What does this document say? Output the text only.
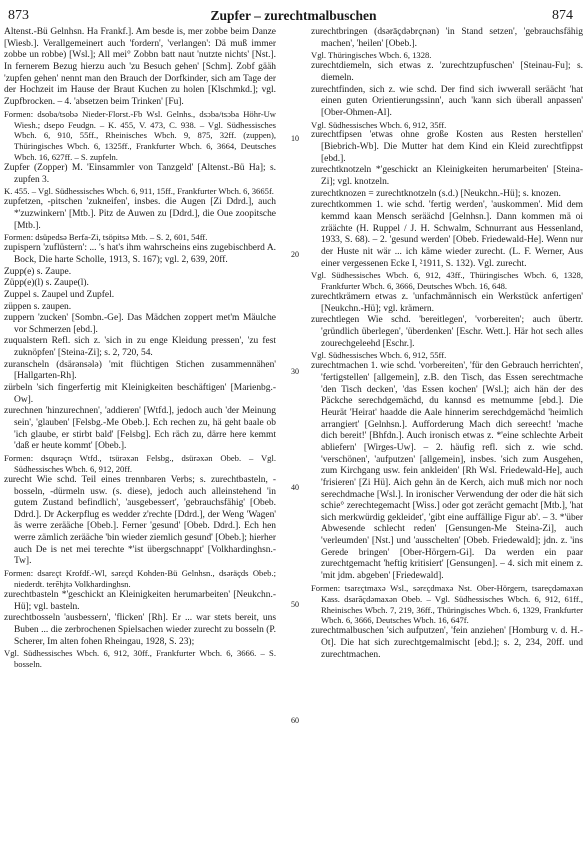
873	Zupfer – zurechtmalbuschen	874

Altenst.-Bü Gelnhsn. Ha Frankf.]. Am besde is, mer zobbe beim Danze [Wiesb.]. Verallgemeinert auch 'fordern', 'verlangen': Dä muß immer zobbe un robbe) [Wsl.]; All mei° Zobbn batt naut 'nutzte nichts' [Nst.]. In fernerem Bezug hierzu auch 'zu Besuch gehen' [Schm]. Zobf gääh 'zupfen gehen' nennt man den Brauch der Dorfkinder, sich am Tage der der Hochzeit im Hause der Braut Kuchen zu holen [Klschmkd.]; vgl. Zupfbrocken. – 4. 'absetzen beim Trinken' [Fu].

Formen: dsoba/tsobə Nieder-Florst.-Fb Wsl. Gelnhs., dsɔba/tsɔba Höhr-Uw Wiesh.; dsepo Feudgn. – K. 455, V. 473, C. 938. – Vgl. Südhessisches Wbch. 6, 910, 55ff., Rheinisches Wbch. 9, 875, 32ff. (zuppen), Thüringisches Wbch. 6, 1325ff., Frankfurter Wbch. 6, 3664, Deutsches Wbch. 16, 627ff. – S. zupfeln.

Zupfer (Zopper) M. 'Einsammler von Tanzgeld' [Altenst.-Bü Ha]; s. zupfen 3.

K. 455. – Vgl. Südhessisches Wbch. 6, 911, 15ff., Frankfurter Wbch. 6, 3665f.

zupfetzen, -pitschen 'zukneifen', insbes. die Augen [Zi Ddrd.], auch *'zuzwinkern' [Mtb.]. Pitz de Auwen zu [Ddrd.], die Oue zoopitsche [Mtb.].

Formen: dsüpedsə Berfa-Zi, tsöpitsə Mtb. – S. 2, 601, 54ff.

zupispern 'zuflüstern': ... 's hat's ihm wahrscheins eins zugebischberd A. Bock, Die harte Scholle, 1913, S. 167); vgl. 2, 639, 20ff.

Zupp(e) s. Zaupe.

Züpp(e)(l) s. Zaupe(l).

Zuppel s. Zaupel und Zupfel.

züppen s. zaupen.

zuppern 'zucken' [Sombn.-Ge]. Das Mädchen zoppert met'm Mäulche vor Schmerzen [ebd.].

zuqualstern Refl. sich z. 'sich in zu enge Kleidung pressen', 'zu fest zuknöpfen' [Steina-Zi]; s. 2, 720, 54.

zuranscheln (dsärənsələ) 'mit flüchtigen Stichen zusammennähen' [Hallgarten-Rh].

zürbeln 'sich fingerfertig mit Kleinigkeiten beschäftigen' [Marienbg.-Ow].

zurechnen 'hinzurechnen', 'addieren' [Wtfd.], jedoch auch 'der Meinung sein', 'glauben' [Felsbg.-Me Obeb.]. Ech rechen zu, hä geht baale ob 'ich glaube, er stirbt bald' [Felsbg]. Ech räch zu, därre here kemmt 'daß er heute kommt' [Obeb.].

Formen: dsqurəçn Wtfd., tsürəxən Felsbg., dsürəxən Obeb. – Vgl. Südhessisches Wbch. 6, 912, 20ff.

zurecht Wie schd. Teil eines trennbaren Verbs; s. zurechtbasteln, -bosseln, -dürmeln usw. (s. diese), jedoch auch alleinstehend 'in gutem Zustand befindlich', 'ausgebessert', 'gebrauchsfähig' [Obeb. Ddrd.]. Dr Ackerpflug es wedder z'rechte [Ddrd.], der Weng 'Wagen' äs werre zerääche [Obeb.]. Ferner 'gesund' [Obeb. Ddrd.]. Ech hen werre zämlich zerääche 'bin wieder ziemlich gesund' [Obeb.]; hierher auch De is net mei terechte *'ist übergschnappt' [Volkhardinghsn.-Tw].

Formen: dsarεçt Krofdf.-Wl, sərεçd Kohden-Bü Gelnhsn., dsəräçds Obeb.; niederdt. terēhjtə Volkhardinghsn.

zurechtbasteln *'geschickt an Kleinigkeiten herumarbeiten' [Neukchn.-Hü]; vgl. basteln.

zurechtbosseln 'ausbessern', 'flicken' [Rh]. Er ... war stets bereit, uns Buben ... die zerbrochenen Spielsachen wieder zurecht zu bosseln (P. Scherer, Im alten fohen Rheingau, 1928, S. 23);

Vgl. Südhessisches Wbch. 6, 912, 30ff., Frankfurter Wbch. 6, 3666. – S. bosseln.

10
20
30
40
50
60

zurechtbringen (dsərāçdəbrçnən) 'in Stand setzen', 'gebrauchsfähig machen', 'heilen' [Obeb.].

Vgl. Thüringisches Wbch. 6, 1328.

zurechtdiemeln, sich etwas z. 'zurechtzupfuschen' [Steinau-Fu]; s. diemeln.

zurechtfinden, sich z. wie schd. Der find sich iwwerall seräächt 'hat einen guten Orientierungssinn', auch 'kann sich überall anpassen' [Ober-Ohmen-Al].

Vgl. Südhessisches Wbch. 6, 912, 35ff.

zurechtfipsen 'etwas ohne große Kosten aus Resten herstellen' [Biebrich-Wb]. Die Mutter hat dem Kind ein Kleid zurechtfippst [ebd.].

zurechtknotzeln *'geschickt an Kleinigkeiten herumarbeiten' [Steina-Zi]; vgl. knotzeln.

zurechtknozen = zurechtknotzeln (s.d.) [Neukchn.-Hü]; s. knozen.

zurechtkommen 1. wie schd. 'fertig werden', 'auskommen'. Mid dem kemmd kaan Mensch seräächd [Gelnhsn.]. Dann kommen mä oi zräächte (H. Ruppel / J. H. Schwalm, Schnurrant aus Hessenland, 1933, S. 68). – 2. 'gesund werden' [Obeb. Friedewald-He]. Wenn nur der Huste nit wär ... ich käme wieder zurecht. (L. F. Werner, Aus einer vergessenen Ecke I, ²1911, S. 132). Vgl. zurecht.

Vgl. Südhessisches Wbch. 6, 912, 43ff., Thüringisches Wbch. 6, 1328, Frankfurter Wbch. 6, 3666, Deutsches Wbch. 16, 648.

zurechtkrämern etwas z. 'unfachmännisch ein Werkstück anfertigen' [Neukchn.-Hü]; vgl. krämern.

zurechtlegen Wie schd. 'bereitlegen', 'vorbereiten'; auch übertr. 'gründlich überlegen', 'überdenken' [Eschr. Wett.]. Här hot sech alles zourechgeleehd [Eschr.].

Vgl. Südhessisches Wbch. 6, 912, 55ff.

zurechtmachen 1. wie schd. 'vorbereiten', 'für den Gebrauch herrichten', 'fertigstellen' [allgemein], z.B. den Tisch, das Essen serechtmache 'den Tisch decken', 'das Essen kochen' [Wsl.]; aich hän der des Päckche serechdgemächd, du kannsd es metnumme [ebd.]. Die Heurät 'Heirat' haadde die Aale hinnerim serechdgemächd 'heimlich arrangiert' [Gelnhsn.]. Aufforderung Mach dich sereecht! 'mache dich bereit!' [Bhfdn.]. Auch ironisch etwas z. *'eine schlechte Arbeit abliefern' [Wirges-Uw]. – 2. häufig refl. sich z. wie schd. 'verschönen', 'aufputzen' [allgemein], insbes. 'sich zum Ausgehen, zum Kirchgang usw. fein ankleiden' [Rh Wsl. Friedewald-He], auch 'frisieren' [Zi Hü]. Aich gehn än de Kerch, aich muß mich nor noch serechdmache [Wsl.]. In ironischer Verwendung der oder die hät sich schie° zerechtegemacht [Wiss.] oder got zerächt gemacht [Mtb.], 'hat sich merkwürdig gekleidet', 'gibt eine auffällige Figur ab'. – 3. *'über Abwesende schlecht reden' [Gensungen-Me Steina-Zi], auch 'verleumden' [Nst.] und 'ausschelten' [Obeb. Friedewald]; jdn. z. 'ins Gerede bringen' [Ober-Hörgern-Gi]. Da werden ein paar zurechtgemacht 'heftig kritisiert' [Gensungen]. – 4. sich mit einem z. 'mit jdm. abgeben' [Friedewald].

Formen: tsarεçtmaxə Wsl., sərεçdmaxə Nst. Ober-Hörgern, tsareçdəmaxən Kass. dsarāçdəmaxən Obeb. – Vgl. Südhessisches Wbch. 6, 912, 61ff., Rheinisches Wbch. 7, 219, 36ff., Thüringisches Wbch. 6, 1329, Frankfurter Wbch. 6, 3666, Deutsches Wbch. 16, 647f.

zurechtmalbuschen 'sich aufputzen', 'fein anziehen' [Homburg v. d. H.-Ot]. Die hat sich zurechtgemalmischt [ebd.]; s. 2, 234, 20ff. und zurechtmachen.
